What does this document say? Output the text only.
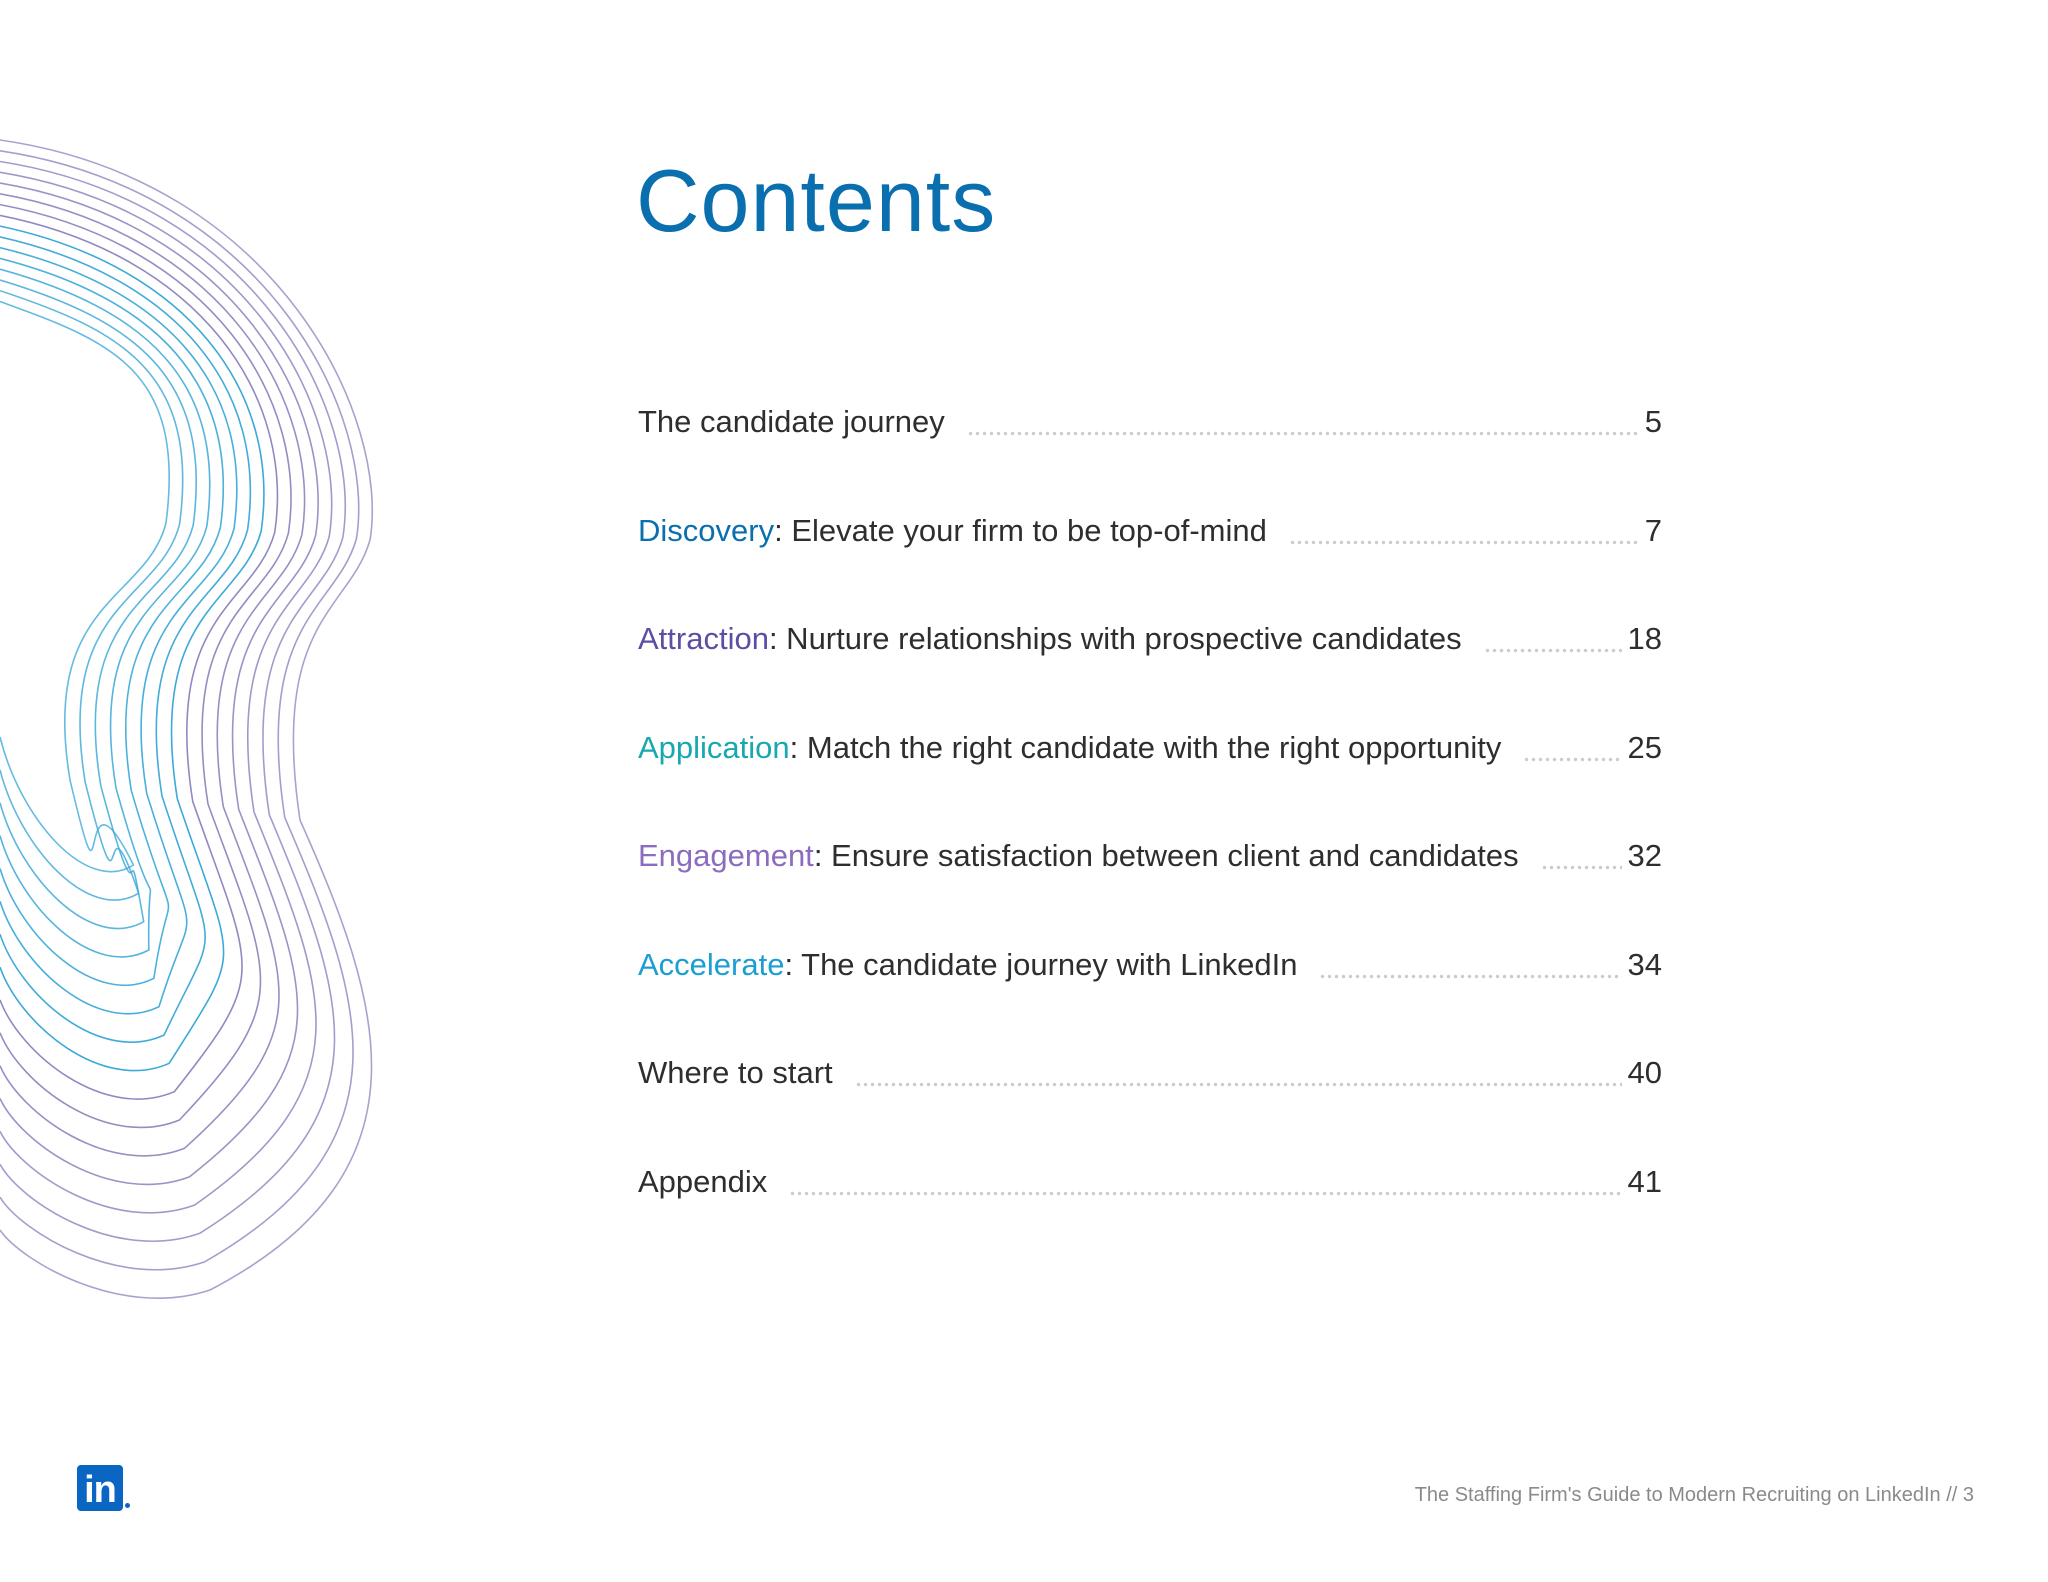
Contents
The candidate journey	5
Discovery: Elevate your firm to be top-of-mind	7
Attraction: Nurture relationships with prospective candidates	18
Application: Match the right candidate with the right opportunity	25
Engagement: Ensure satisfaction between client and candidates	32
Accelerate: The candidate journey with LinkedIn	34
Where to start	40
Appendix	41
in	The Staffing Firm's Guide to Modern Recruiting on LinkedIn // 3
